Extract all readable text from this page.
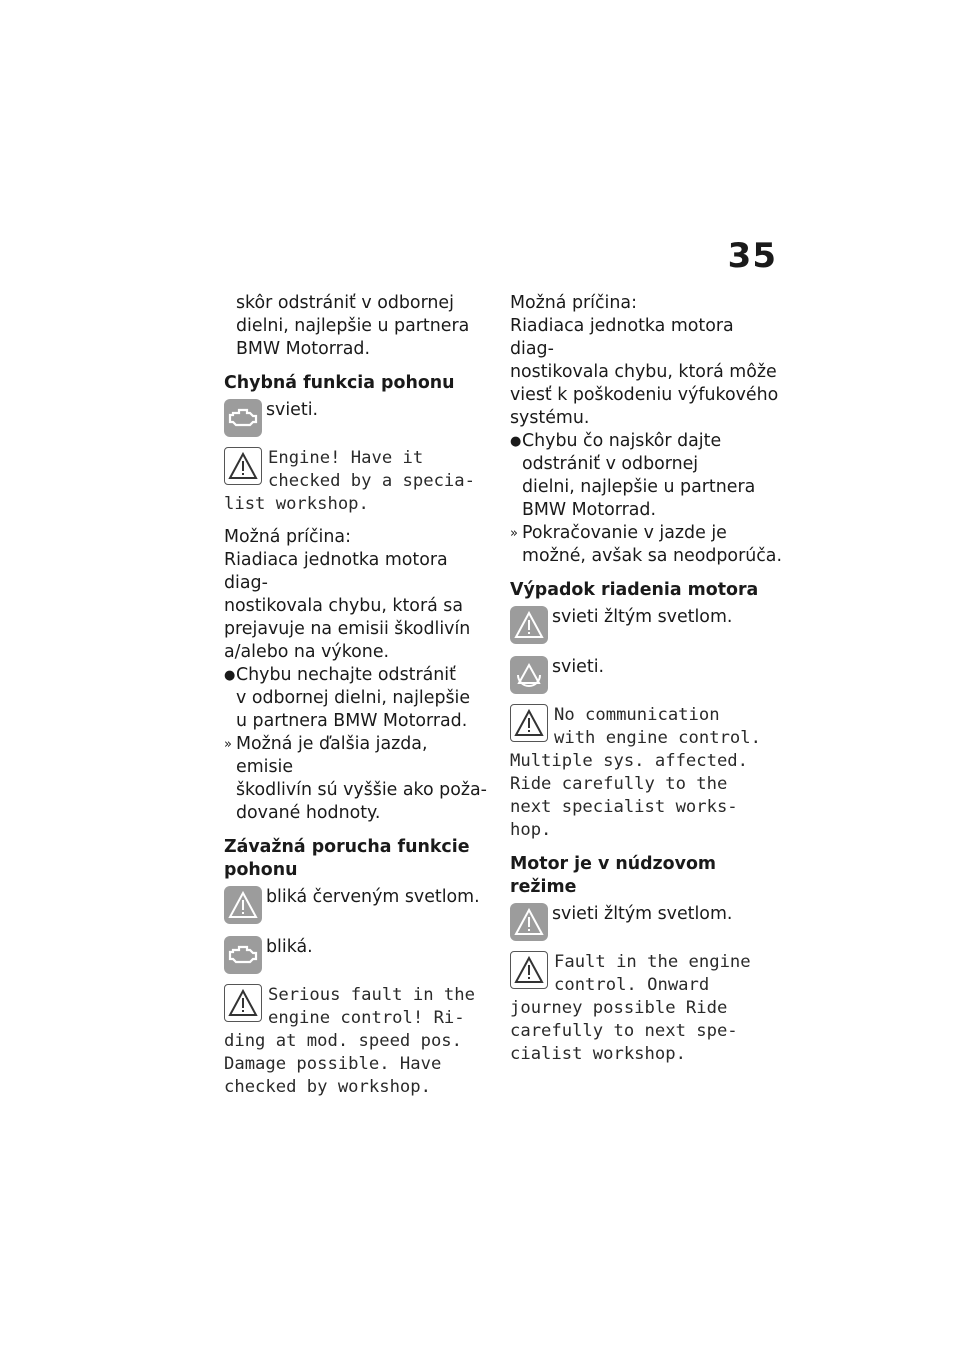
35

skôr odstrániť v odbornej

dielni, najlepšie u partnera

BMW Motorrad.

Chybná funkcia pohonu

svieti.
Engine! Have it
checked by a specia-
list workshop.

Možná príčina:

Riadiaca jednotka motora diag-

nostikovala chybu, ktorá sa

prejavuje na emisii škodlivín

a/alebo na výkone.

● Chybu nechajte odstrániť
v odbornej dielni, najlepšie
u partnera BMW Motorrad.
» Možná je ďalšia jazda, emisie
škodlivín sú vyššie ako poža-
dované hodnoty.

Závažná porucha funkcie

pohonu

bliká červeným svetlom.
bliká.
Serious fault in the
engine control! Ri-
ding at mod. speed pos.
Damage possible. Have
checked by workshop.

Možná príčina:

Riadiaca jednotka motora diag-

nostikovala chybu, ktorá môže

viesť k poškodeniu výfukového

systému.

● Chybu čo najskôr dajte
odstrániť v odbornej
dielni, najlepšie u partnera
BMW Motorrad.
» Pokračovanie v jazde je
možné, avšak sa neodporúča.

Výpadok riadenia motora

svieti žltým svetlom.
svieti.
No communication
with engine control.
Multiple sys. affected.
Ride carefully to the
next specialist works-
hop.

Motor je v núdzovom režime

svieti žltým svetlom.
Fault in the engine
control. Onward
journey possible Ride
carefully to next spe-
cialist workshop.
